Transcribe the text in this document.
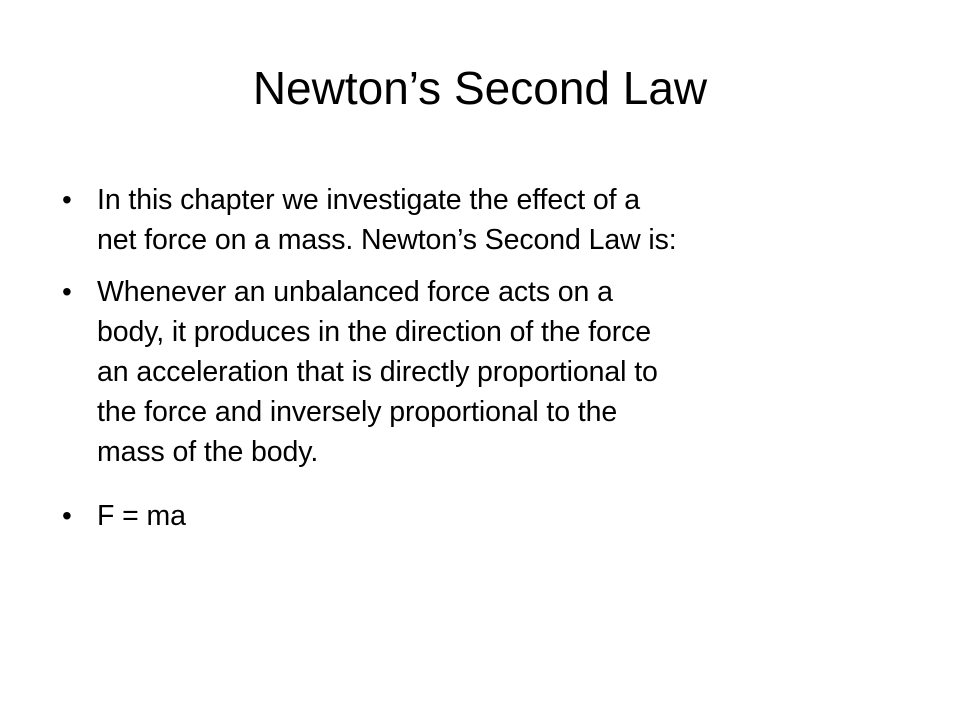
Newton’s Second Law
• In this chapter we investigate the effect of a
net force on a mass. Newton’s Second Law is:
• Whenever an unbalanced force acts on a
body, it produces in the direction of the force
an acceleration that is directly proportional to
the force and inversely proportional to the
mass of the body.
• F = ma
